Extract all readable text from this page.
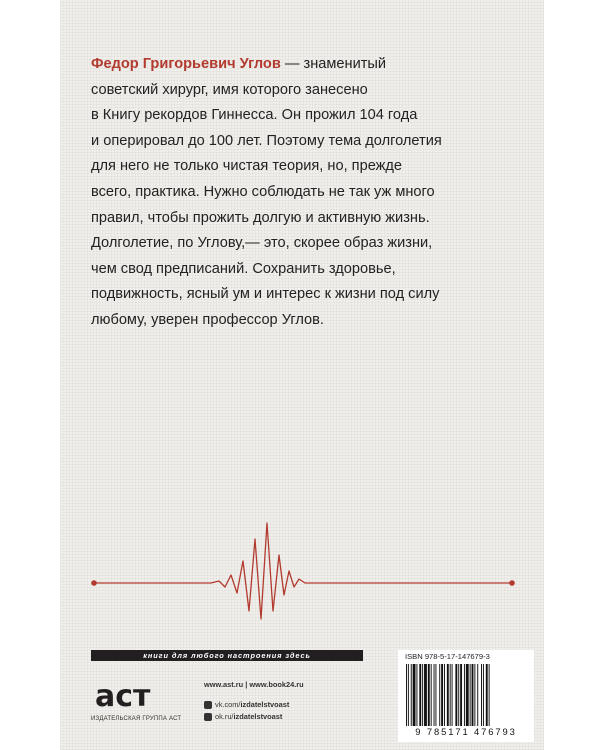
Федор Григорьевич Углов — знаменитый
советский хирург, имя которого занесено
в Книгу рекордов Гиннесса. Он прожил 104 года
и оперировал до 100 лет. Поэтому тема долголетия
для него не только чистая теория, но, прежде
всего, практика. Нужно соблюдать не так уж много
правил, чтобы прожить долгую и активную жизнь.
Долголетие, по Углову,— это, скорее образ жизни,
чем свод предписаний. Сохранить здоровье,
подвижность, ясный ум и интерес к жизни под силу
любому, уверен профессор Углов.
книги для любого настроения здесь
аст
ИЗДАТЕЛЬСКАЯ ГРУППА АСТ
www.ast.ru | www.book24.ru
vk.com/izdatelstvoast
ok.ru/izdatelstvoast
ISBN 978-5-17-147679-3
9 785171 476793
